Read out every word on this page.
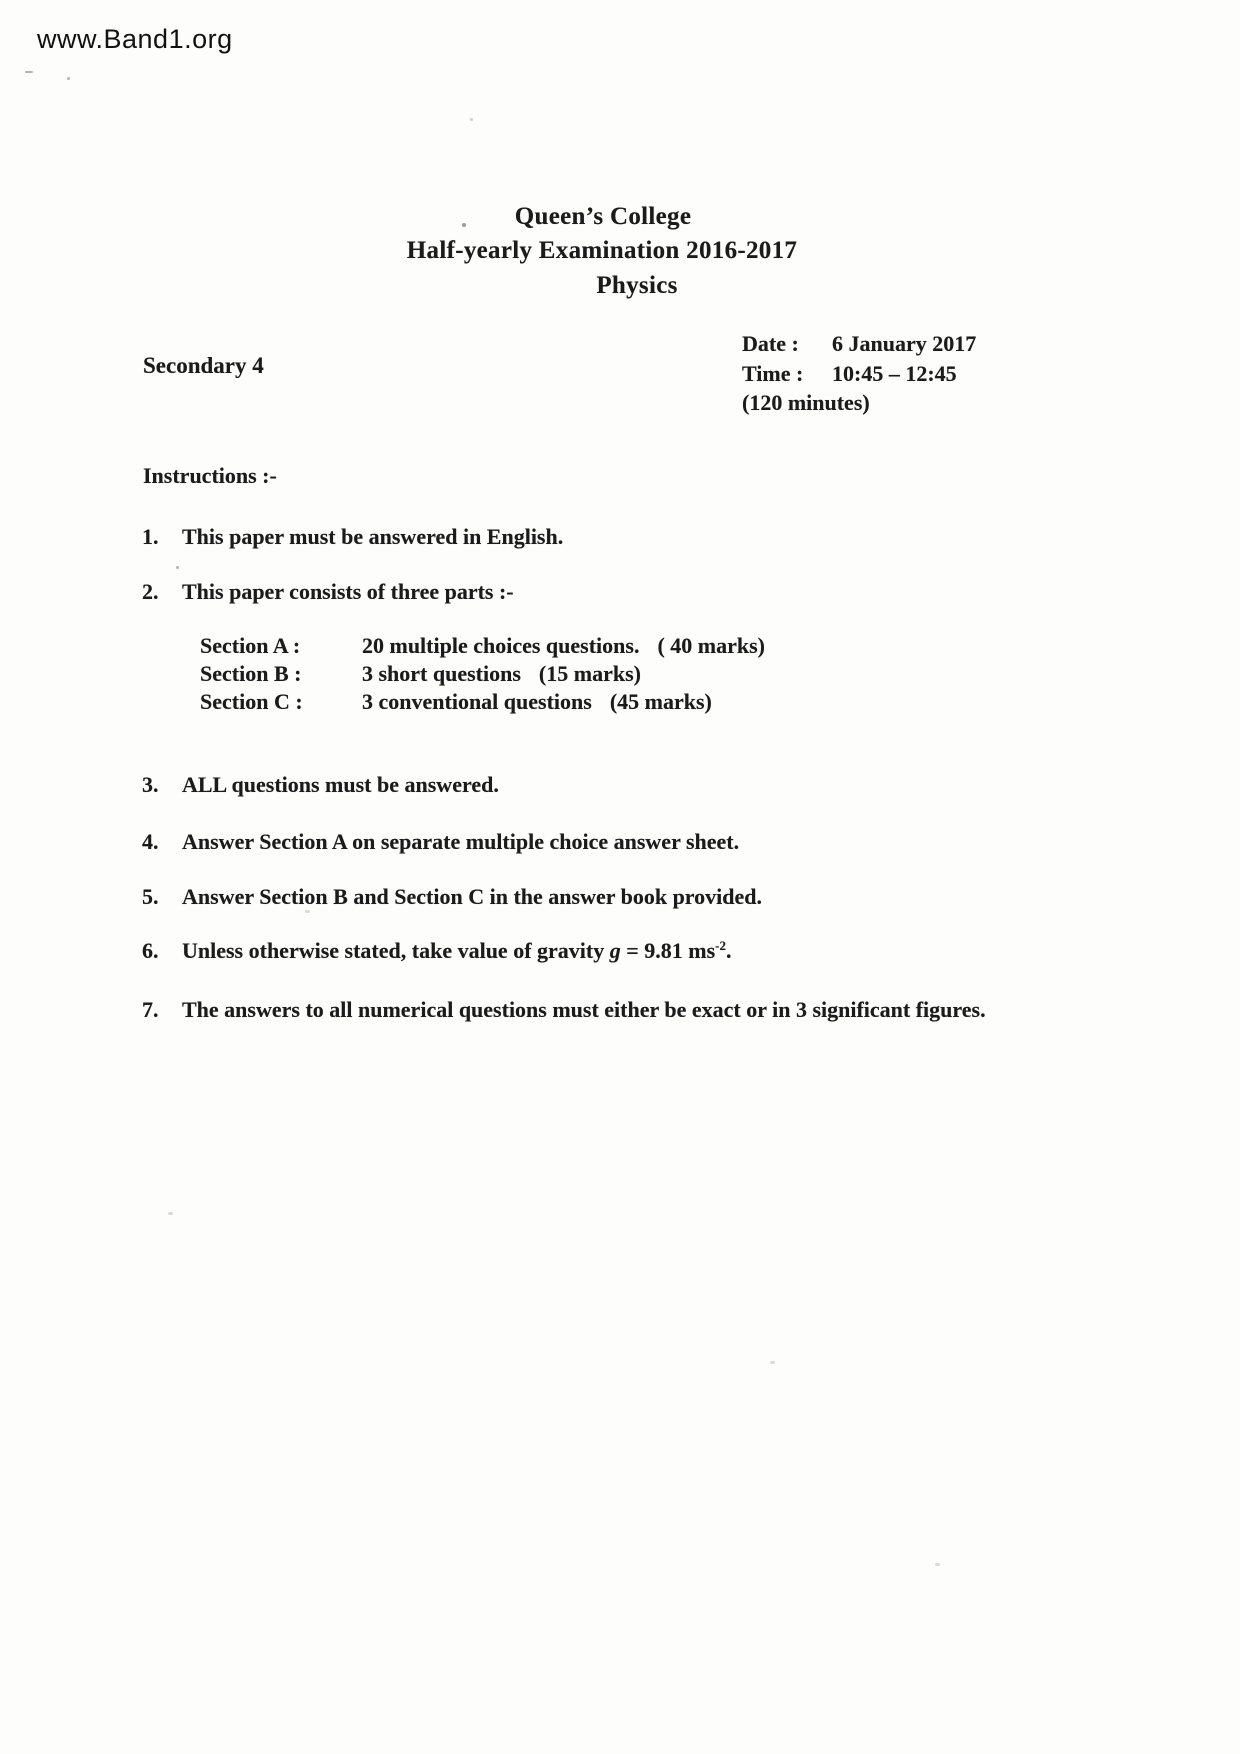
www.Band1.org
Queen’s College
Half-yearly Examination 2016-2017
Physics
Secondary 4
Date :	6 January 2017
Time :	10:45 – 12:45
(120 minutes)
Instructions :-
1.	This paper must be answered in English.
2.	This paper consists of three parts :-
Section A :	20 multiple choices questions. ( 40 marks)
Section B :	3 short questions (15 marks)
Section C :	3 conventional questions (45 marks)
3.	ALL questions must be answered.
4.	Answer Section A on separate multiple choice answer sheet.
5.	Answer Section B and Section C in the answer book provided.
6.	Unless otherwise stated, take value of gravity g = 9.81 $ms^{-2}$.
7.	The answers to all numerical questions must either be exact or in 3 significant figures.
